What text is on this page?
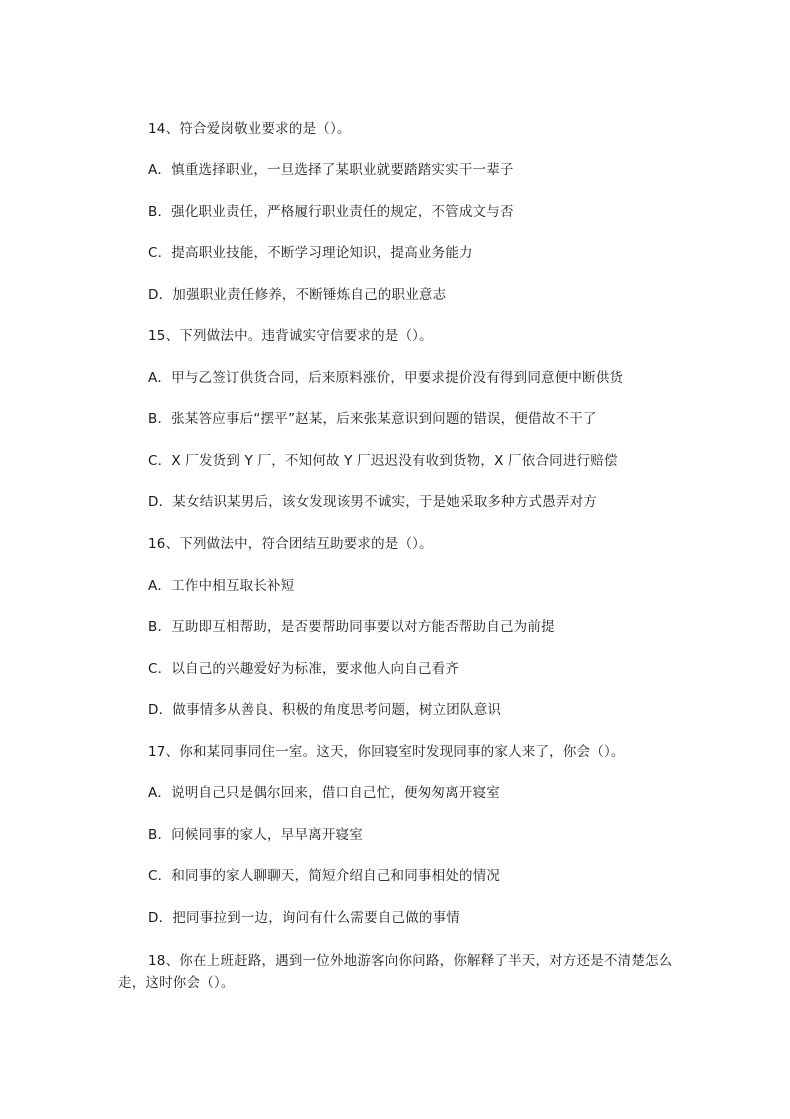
14、符合爱岗敬业要求的是（）。
A．慎重选择职业，一旦选择了某职业就要踏踏实实干一辈子
B．强化职业责任，严格履行职业责任的规定，不管成文与否
C．提高职业技能，不断学习理论知识，提高业务能力
D．加强职业责任修养，不断锤炼自己的职业意志
15、下列做法中。违背诚实守信要求的是（）。
A．甲与乙签订供货合同，后来原料涨价，甲要求提价没有得到同意便中断供货
B．张某答应事后“摆平”赵某，后来张某意识到问题的错误，便借故不干了
C．X 厂发货到 Y 厂，不知何故 Y 厂迟迟没有收到货物，X 厂依合同进行赔偿
D．某女结识某男后，该女发现该男不诚实，于是她采取多种方式愚弄对方
16、下列做法中，符合团结互助要求的是（）。
A．工作中相互取长补短
B．互助即互相帮助，是否要帮助同事要以对方能否帮助自己为前提
C．以自己的兴趣爱好为标准，要求他人向自己看齐
D．做事情多从善良、积极的角度思考问题，树立团队意识
17、你和某同事同住一室。这天，你回寝室时发现同事的家人来了，你会（）。
A．说明自己只是偶尔回来，借口自己忙，便匆匆离开寝室
B．问候同事的家人，早早离开寝室
C．和同事的家人聊聊天，简短介绍自己和同事相处的情况
D．把同事拉到一边，询问有什么需要自己做的事情
18、你在上班赶路，遇到一位外地游客向你问路，你解释了半天，对方还是不清楚怎么走，这时你会（）。
